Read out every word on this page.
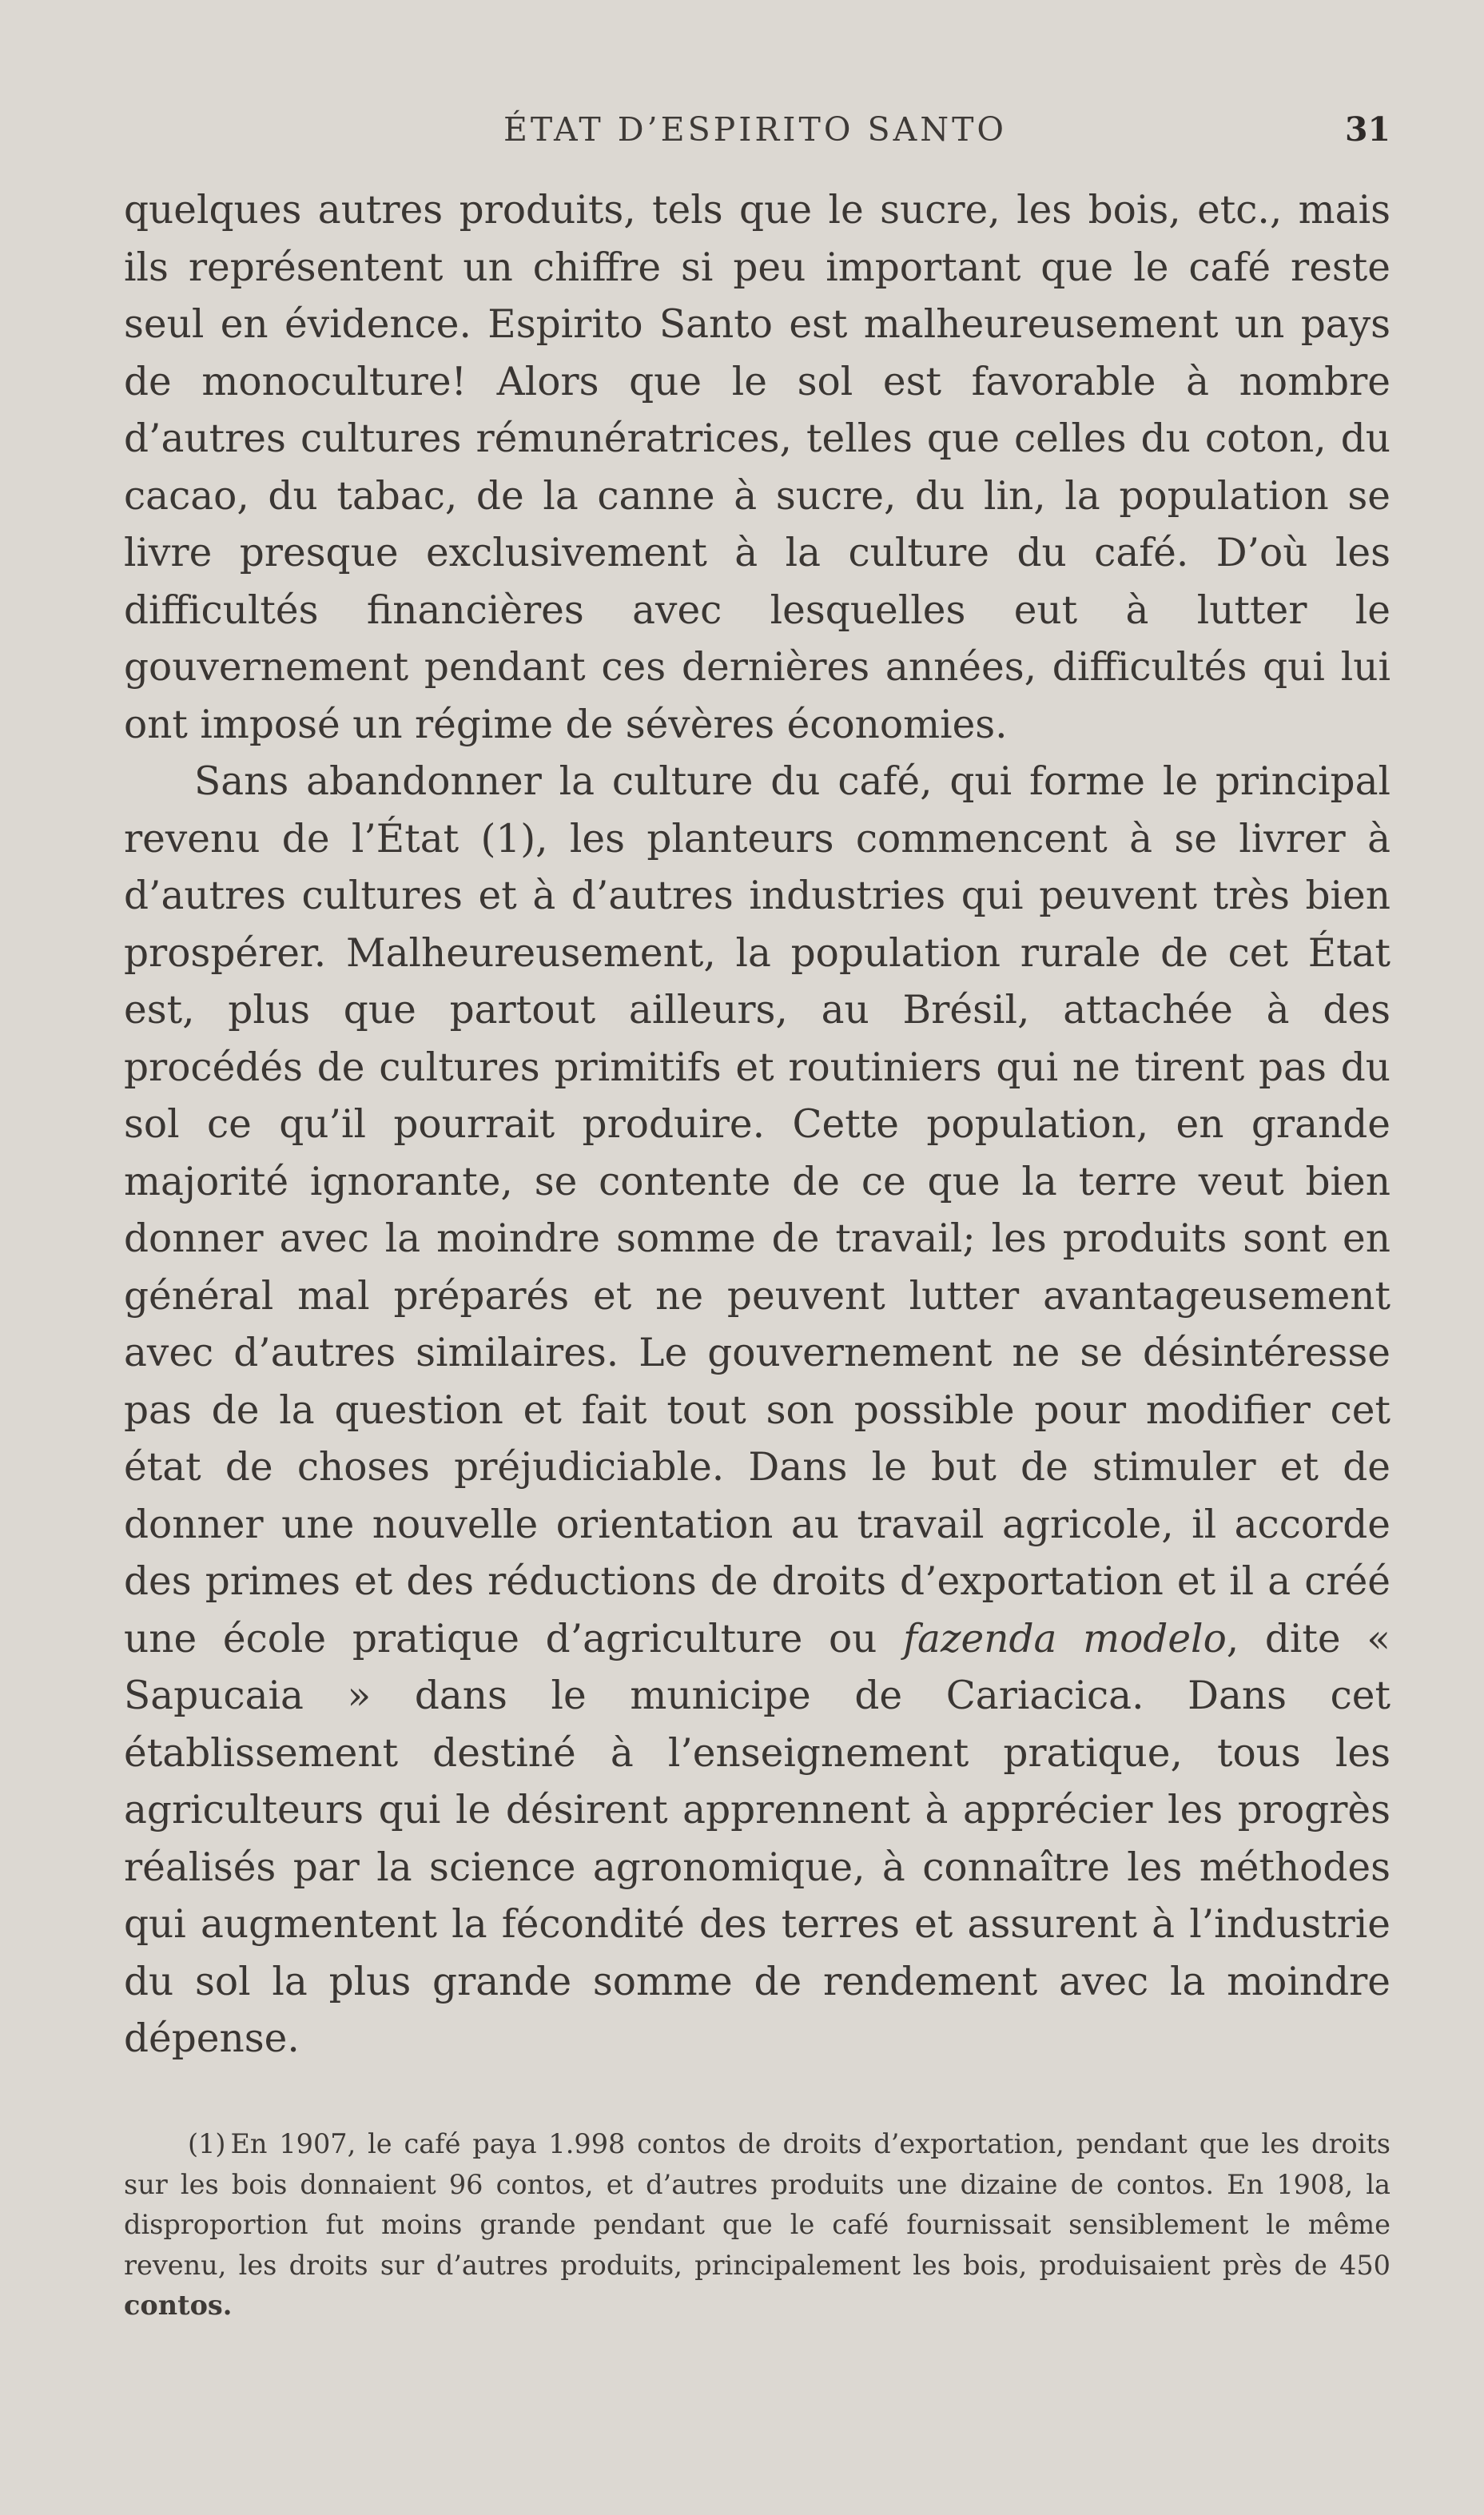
ÉTAT D’ESPIRITO SANTO	31

quelques autres produits, tels que le sucre, les bois, etc., mais ils représentent un chiffre si peu important que le café reste seul en évidence. Espirito Santo est malheureusement un pays de monoculture! Alors que le sol est favorable à nombre d’autres cultures rémunératrices, telles que celles du coton, du cacao, du tabac, de la canne à sucre, du lin, la population se livre presque exclusivement à la culture du café. D’où les difficultés financières avec lesquelles eut à lutter le gouvernement pendant ces dernières années, difficultés qui lui ont imposé un régime de sévères économies.

Sans abandonner la culture du café, qui forme le principal revenu de l’État (1), les planteurs commencent à se livrer à d’autres cultures et à d’autres industries qui peuvent très bien prospérer. Malheureusement, la population rurale de cet État est, plus que partout ailleurs, au Brésil, attachée à des procédés de cultures primitifs et routiniers qui ne tirent pas du sol ce qu’il pourrait produire. Cette population, en grande majorité ignorante, se contente de ce que la terre veut bien donner avec la moindre somme de travail; les produits sont en général mal préparés et ne peuvent lutter avantageusement avec d’autres similaires. Le gouvernement ne se désintéresse pas de la question et fait tout son possible pour modifier cet état de choses préjudiciable. Dans le but de stimuler et de donner une nouvelle orientation au travail agricole, il accorde des primes et des réductions de droits d’exportation et il a créé une école pratique d’agriculture ou fazenda modelo, dite « Sapucaia » dans le municipe de Cariacica. Dans cet établissement destiné à l’enseignement pratique, tous les agriculteurs qui le désirent apprennent à apprécier les progrès réalisés par la science agronomique, à connaître les méthodes qui augmentent la fécondité des terres et assurent à l’industrie du sol la plus grande somme de rendement avec la moindre dépense.

(1) En 1907, le café paya 1.998 contos de droits d’exportation, pendant que les droits sur les bois donnaient 96 contos, et d’autres produits une dizaine de contos. En 1908, la disproportion fut moins grande pendant que le café fournissait sensiblement le même revenu, les droits sur d’autres produits, principalement les bois, produisaient près de 450 contos.
